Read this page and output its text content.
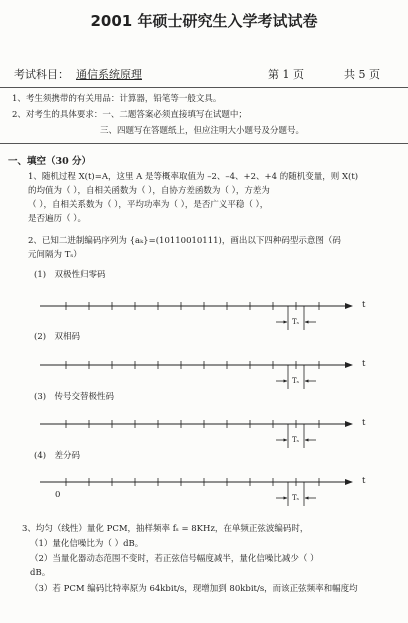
2001 年硕士研究生入学考试试卷
考试科目： 通信系统原理	第 1 页	共 5 页
1、考生须携带的有关用品：计算器，铅笔等一般文具。
2、对考生的具体要求：一、二题答案必须直接填写在试题中；
三、四题写在答题纸上，但应注明大小题号及分题号。
一、填空（30 分）
1、随机过程 X(t)=A，这里 A 是等概率取值为 –2、–4、+2、+4 的随机变量，则 X(t)
的均值为（ ），自相关函数为（ ），自协方差函数为（ ），方差为
（ ），自相关系数为（ ），平均功率为（ ），是否广义平稳（ ），
是否遍历（ ）。
2、已知二进制编码序列为 {aₖ}=(10110010111)，画出以下四种码型示意图（码
元间隔为 Tₛ）
(1)　双极性归零码
(2)　双相码
(3)　传号交替极性码
(4)　差分码
t
Tₛ
t
Tₛ
t
Tₛ
t
Tₛ
0
3、均匀（线性）量化 PCM，抽样频率 fₛ = 8KHz，在单频正弦波编码时，
（1）量化信噪比为（ ）dB。
（2）当量化器动态范围不变时，若正弦信号幅度减半，量化信噪比减少（ ）
dB。
（3）若 PCM 编码比特率原为 64kbit/s，现增加到 80kbit/s，而该正弦频率和幅度均
